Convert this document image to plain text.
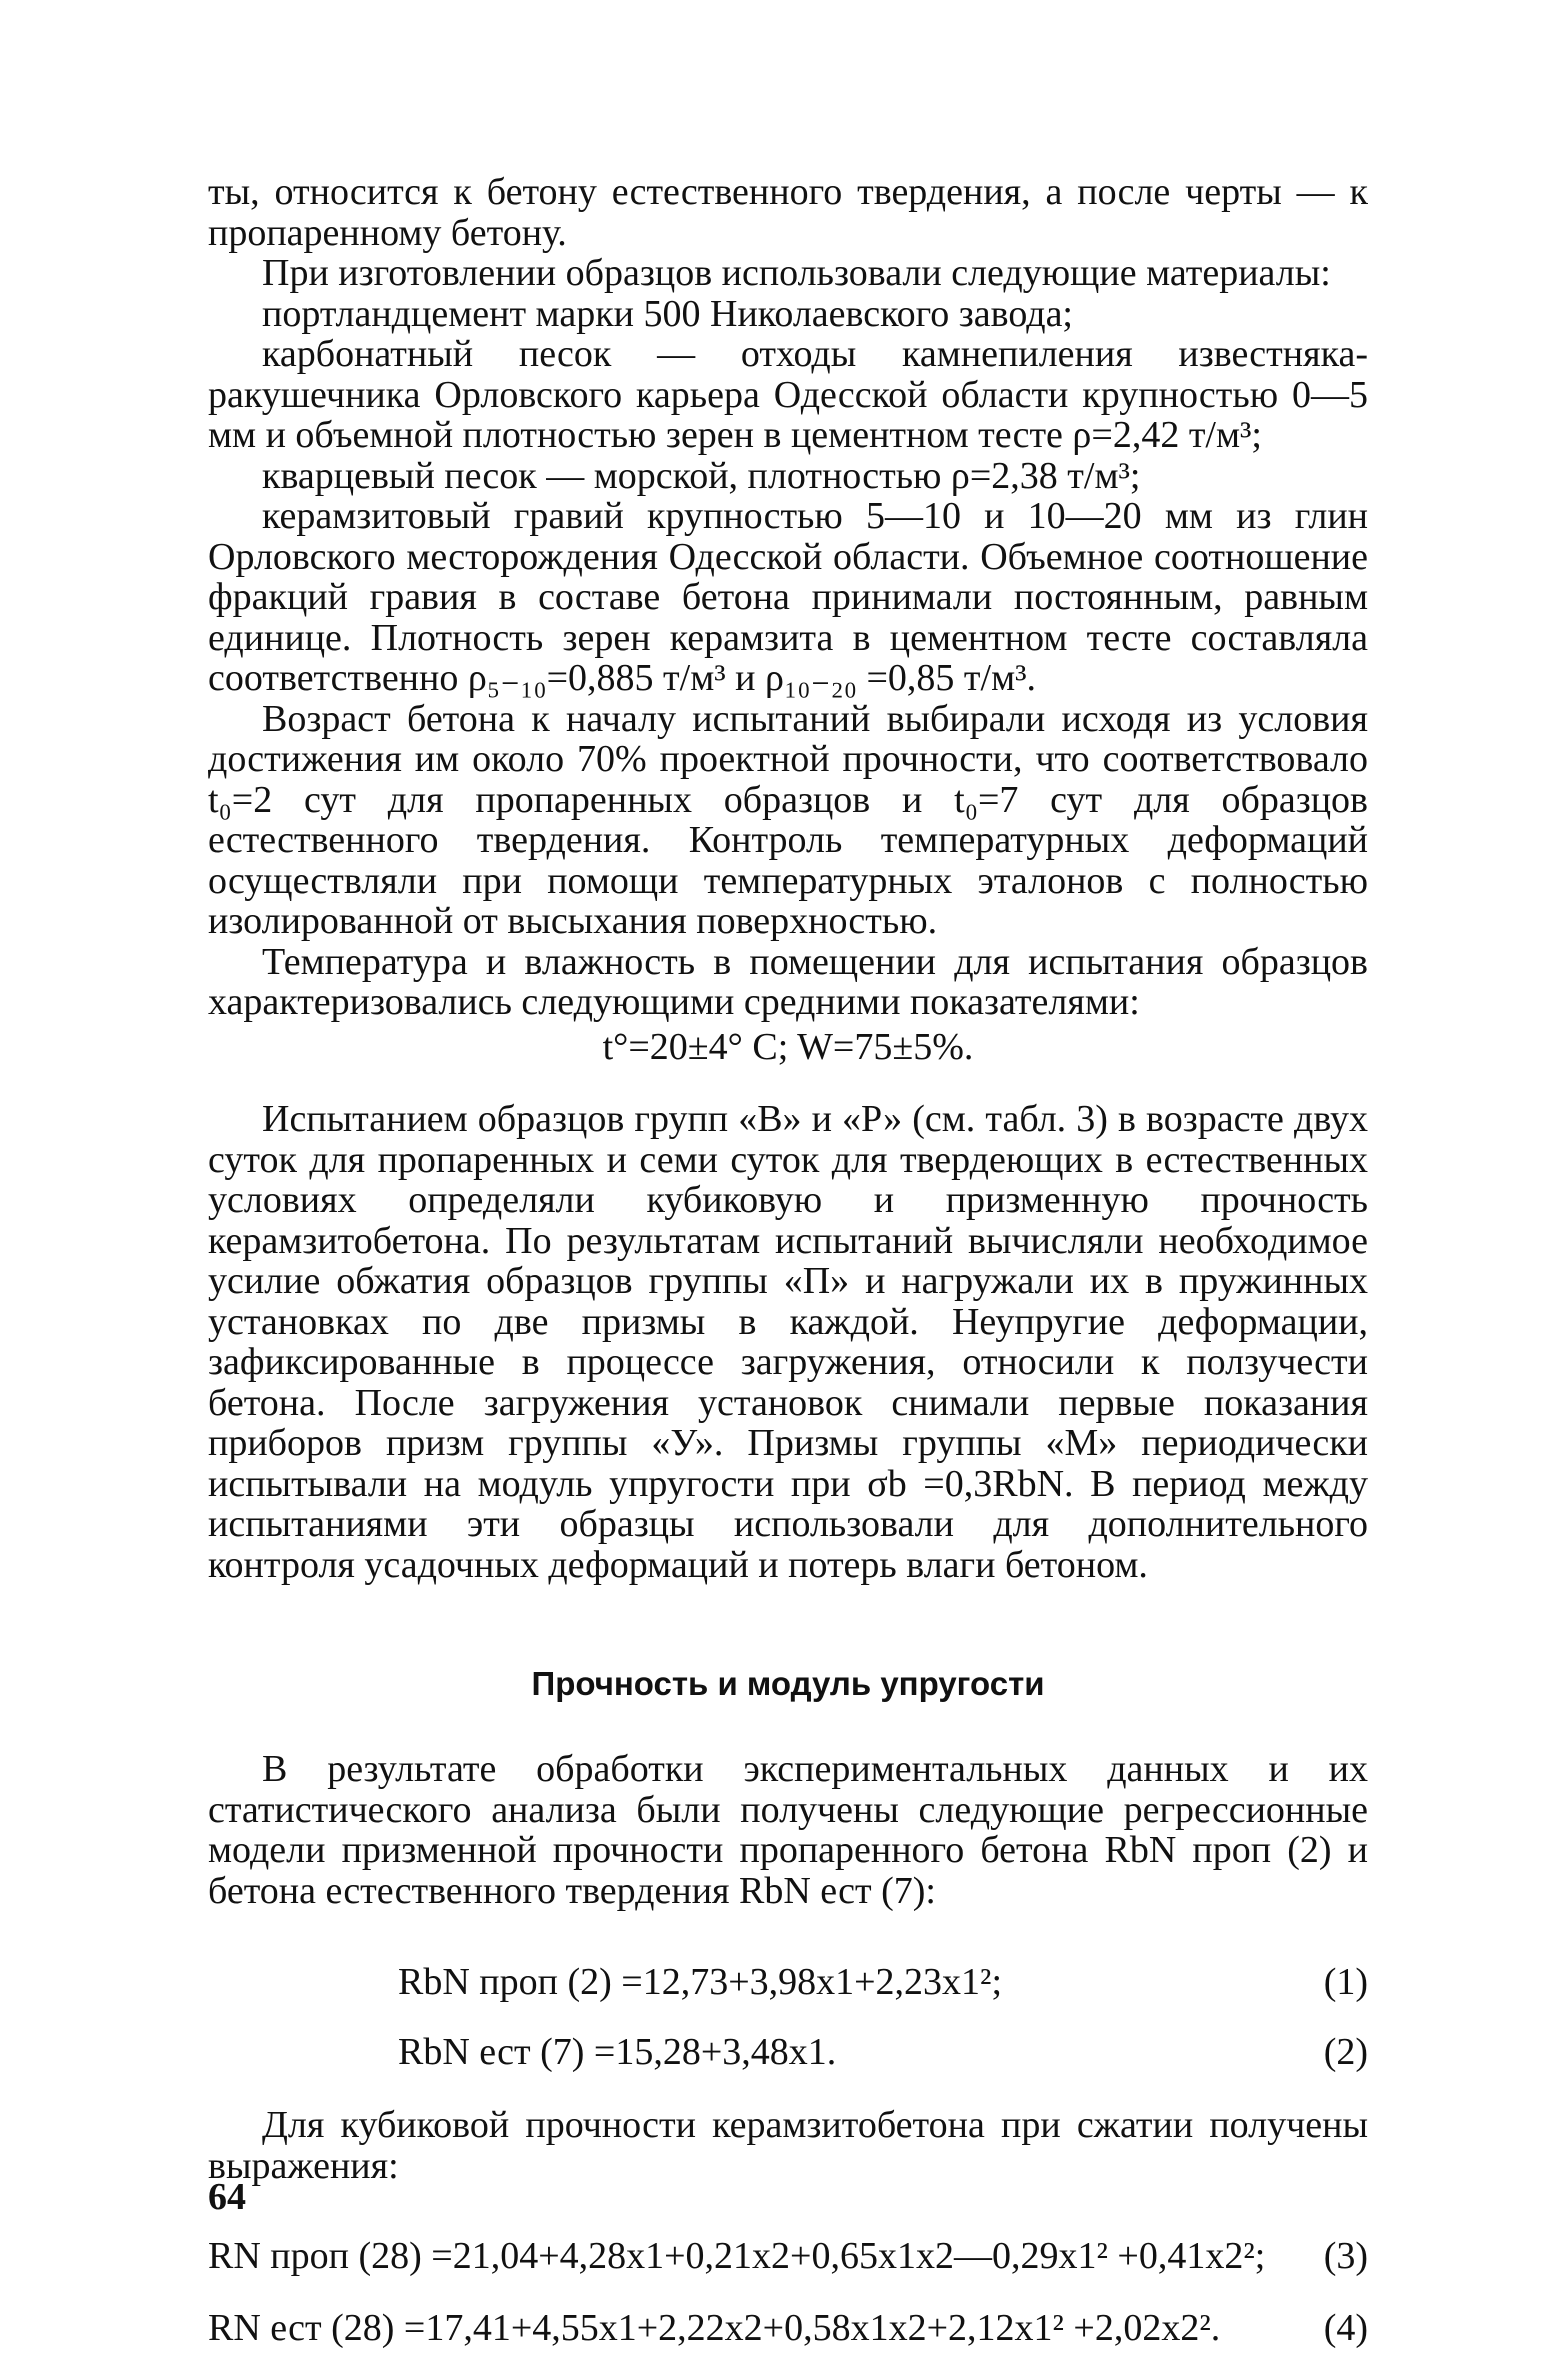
ты, относится к бетону естественного твердения, а после черты — к пропаренному бетону.

При изготовлении образцов использовали следующие материалы:

портландцемент марки 500 Николаевского завода;

карбонатный песок — отходы камнепиления известняка-ракушечника Орловского карьера Одесской области крупностью 0—5 мм и объемной плотностью зерен в цементном тесте ρ=2,42 т/м³;

кварцевый песок — морской, плотностью ρ=2,38 т/м³;

керамзитовый гравий крупностью 5—10 и 10—20 мм из глин Орловского месторождения Одесской области. Объемное соотношение фракций гравия в составе бетона принимали постоянным, равным единице. Плотность зерен керамзита в цементном тесте составляла соответственно ρ₅₋₁₀=0,885 т/м³ и ρ₁₀₋₂₀ =0,85 т/м³.

Возраст бетона к началу испытаний выбирали исходя из условия достижения им около 70% проектной прочности, что соответствовало t₀=2 сут для пропаренных образцов и t₀=7 сут для образцов естественного твердения. Контроль температурных деформаций осуществляли при помощи температурных эталонов с полностью изолированной от высыхания поверхностью.

Температура и влажность в помещении для испытания образцов характеризовались следующими средними показателями:

t°=20±4° C; W=75±5%.

Испытанием образцов групп «В» и «Р» (см. табл. 3) в возрасте двух суток для пропаренных и семи суток для твердеющих в естественных условиях определяли кубиковую и призменную прочность керамзитобетона. По результатам испытаний вычисляли необходимое усилие обжатия образцов группы «П» и нагружали их в пружинных установках по две призмы в каждой. Неупругие деформации, зафиксированные в процессе загружения, относили к ползучести бетона. После загружения установок снимали первые показания приборов призм группы «У». Призмы группы «М» периодически испытывали на модуль упругости при σb =0,3RbN. В период между испытаниями эти образцы использовали для дополнительного контроля усадочных деформаций и потерь влаги бетоном.

Прочность и модуль упругости

В результате обработки экспериментальных данных и их статистического анализа были получены следующие регрессионные модели призменной прочности пропаренного бетона RbN проп (2) и бетона естественного твердения RbN ест (7):

RbN проп (2) =12,73+3,98x1+2,23x1²;	(1)
RbN ест (7) =15,28+3,48x1.	(2)

Для кубиковой прочности керамзитобетона при сжатии получены выражения:

RN проп (28) =21,04+4,28x1+0,21x2+0,65x1x2—0,29x1² +0,41x2²;	(3)
RN ест (28) =17,41+4,55x1+2,22x2+0,58x1x2+2,12x1² +2,02x2².	(4)
64
